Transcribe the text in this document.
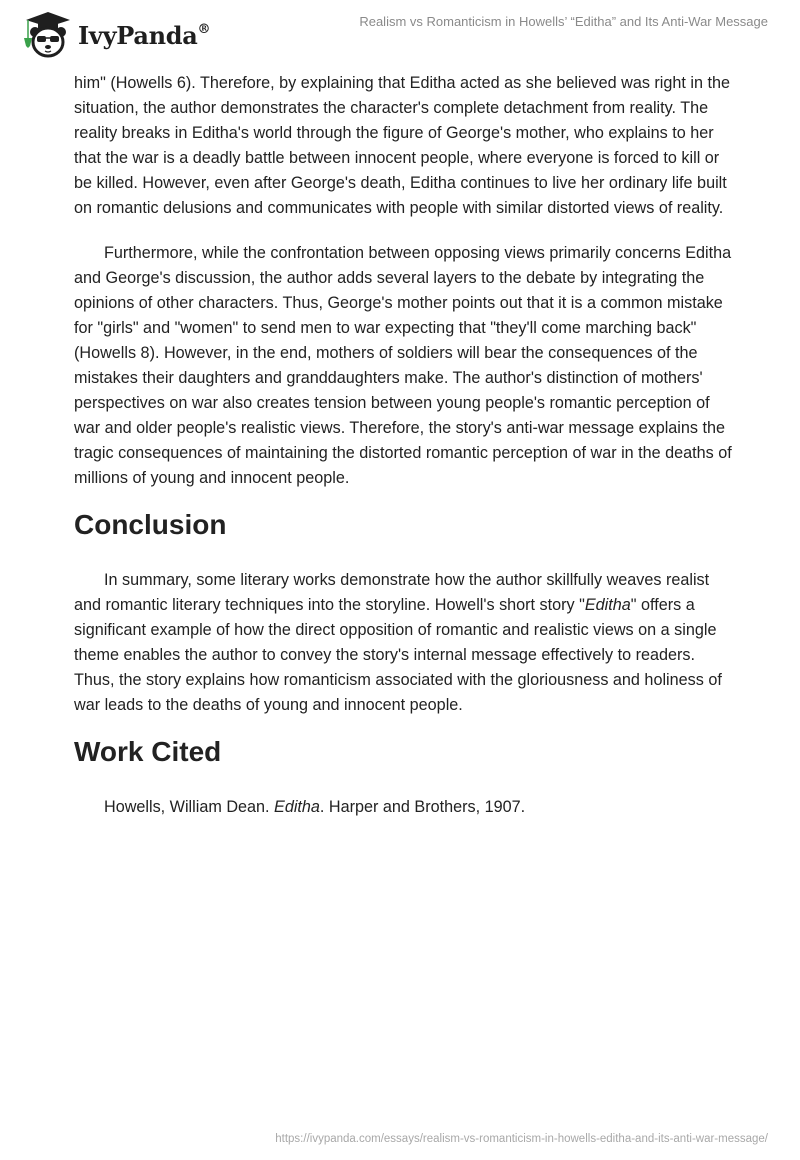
IvyPanda®	Realism vs Romanticism in Howells’ “Editha” and Its Anti-War Message

him" (Howells 6). Therefore, by explaining that Editha acted as she believed was right in the situation, the author demonstrates the character's complete detachment from reality. The reality breaks in Editha's world through the figure of George's mother, who explains to her that the war is a deadly battle between innocent people, where everyone is forced to kill or be killed. However, even after George's death, Editha continues to live her ordinary life built on romantic delusions and communicates with people with similar distorted views of reality.

Furthermore, while the confrontation between opposing views primarily concerns Editha and George's discussion, the author adds several layers to the debate by integrating the opinions of other characters. Thus, George's mother points out that it is a common mistake for "girls" and "women" to send men to war expecting that "they'll come marching back" (Howells 8). However, in the end, mothers of soldiers will bear the consequences of the mistakes their daughters and granddaughters make. The author's distinction of mothers' perspectives on war also creates tension between young people's romantic perception of war and older people's realistic views. Therefore, the story's anti-war message explains the tragic consequences of maintaining the distorted romantic perception of war in the deaths of millions of young and innocent people.

Conclusion

In summary, some literary works demonstrate how the author skillfully weaves realist and romantic literary techniques into the storyline. Howell's short story "Editha" offers a significant example of how the direct opposition of romantic and realistic views on a single theme enables the author to convey the story's internal message effectively to readers. Thus, the story explains how romanticism associated with the gloriousness and holiness of war leads to the deaths of young and innocent people.

Work Cited

Howells, William Dean. Editha. Harper and Brothers, 1907.

https://ivypanda.com/essays/realism-vs-romanticism-in-howells-editha-and-its-anti-war-message/
